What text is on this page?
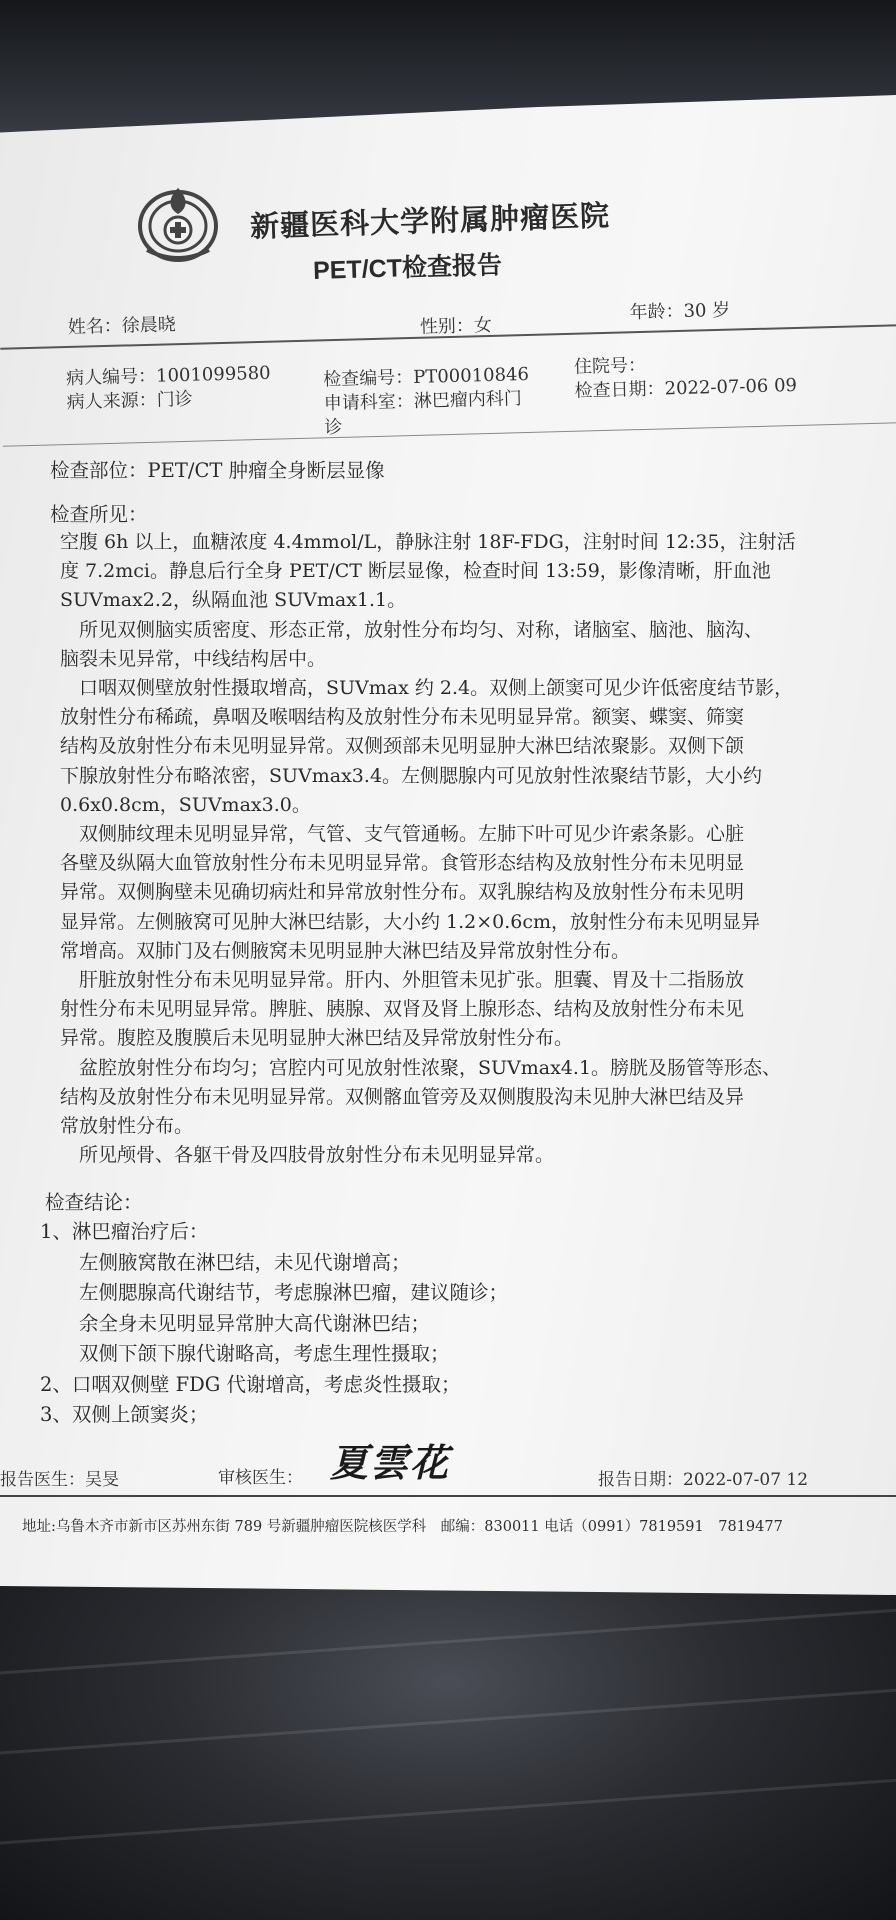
新疆医科大学附属肿瘤医院
PET/CT检查报告
姓名：徐晨晓	性别：女
年龄：30 岁
病人编号：1001099580
病人来源：门诊
检查编号：PT00010846
申请科室：淋巴瘤内科门
诊
住院号：
检查日期：2022-07-06 09
检查部位：PET/CT 肿瘤全身断层显像
检查所见：
空腹 6h 以上，血糖浓度 4.4mmol/L，静脉注射 18F-FDG，注射时间 12:35，注射活
度 7.2mci。静息后行全身 PET/CT 断层显像，检查时间 13:59，影像清晰，肝血池
SUVmax2.2，纵隔血池 SUVmax1.1。
　所见双侧脑实质密度、形态正常，放射性分布均匀、对称，诸脑室、脑池、脑沟、
脑裂未见异常，中线结构居中。
　口咽双侧壁放射性摄取增高，SUVmax 约 2.4。双侧上颌窦可见少许低密度结节影，
放射性分布稀疏，鼻咽及喉咽结构及放射性分布未见明显异常。额窦、蝶窦、筛窦
结构及放射性分布未见明显异常。双侧颈部未见明显肿大淋巴结浓聚影。双侧下颌
下腺放射性分布略浓密，SUVmax3.4。左侧腮腺内可见放射性浓聚结节影，大小约
0.6x0.8cm，SUVmax3.0。
　双侧肺纹理未见明显异常，气管、支气管通畅。左肺下叶可见少许索条影。心脏
各壁及纵隔大血管放射性分布未见明显异常。食管形态结构及放射性分布未见明显
异常。双侧胸壁未见确切病灶和异常放射性分布。双乳腺结构及放射性分布未见明
显异常。左侧腋窝可见肿大淋巴结影，大小约 1.2×0.6cm，放射性分布未见明显异
常增高。双肺门及右侧腋窝未见明显肿大淋巴结及异常放射性分布。
　肝脏放射性分布未见明显异常。肝内、外胆管未见扩张。胆囊、胃及十二指肠放
射性分布未见明显异常。脾脏、胰腺、双肾及肾上腺形态、结构及放射性分布未见
异常。腹腔及腹膜后未见明显肿大淋巴结及异常放射性分布。
　盆腔放射性分布均匀；宫腔内可见放射性浓聚，SUVmax4.1。膀胱及肠管等形态、
结构及放射性分布未见明显异常。双侧髂血管旁及双侧腹股沟未见肿大淋巴结及异
常放射性分布。
　所见颅骨、各躯干骨及四肢骨放射性分布未见明显异常。
检查结论：
1、淋巴瘤治疗后：
　　左侧腋窝散在淋巴结，未见代谢增高；
　　左侧腮腺高代谢结节，考虑腺淋巴瘤，建议随诊；
　　余全身未见明显异常肿大高代谢淋巴结；
　　双侧下颌下腺代谢略高，考虑生理性摄取；
2、口咽双侧壁 FDG 代谢增高，考虑炎性摄取；
3、双侧上颌窦炎；
报告医生：吴旻	审核医生： 夏雲花	报告日期：2022-07-07 12
地址:乌鲁木齐市新市区苏州东街 789 号新疆肿瘤医院核医学科　邮编：830011 电话（0991）7819591　7819477
